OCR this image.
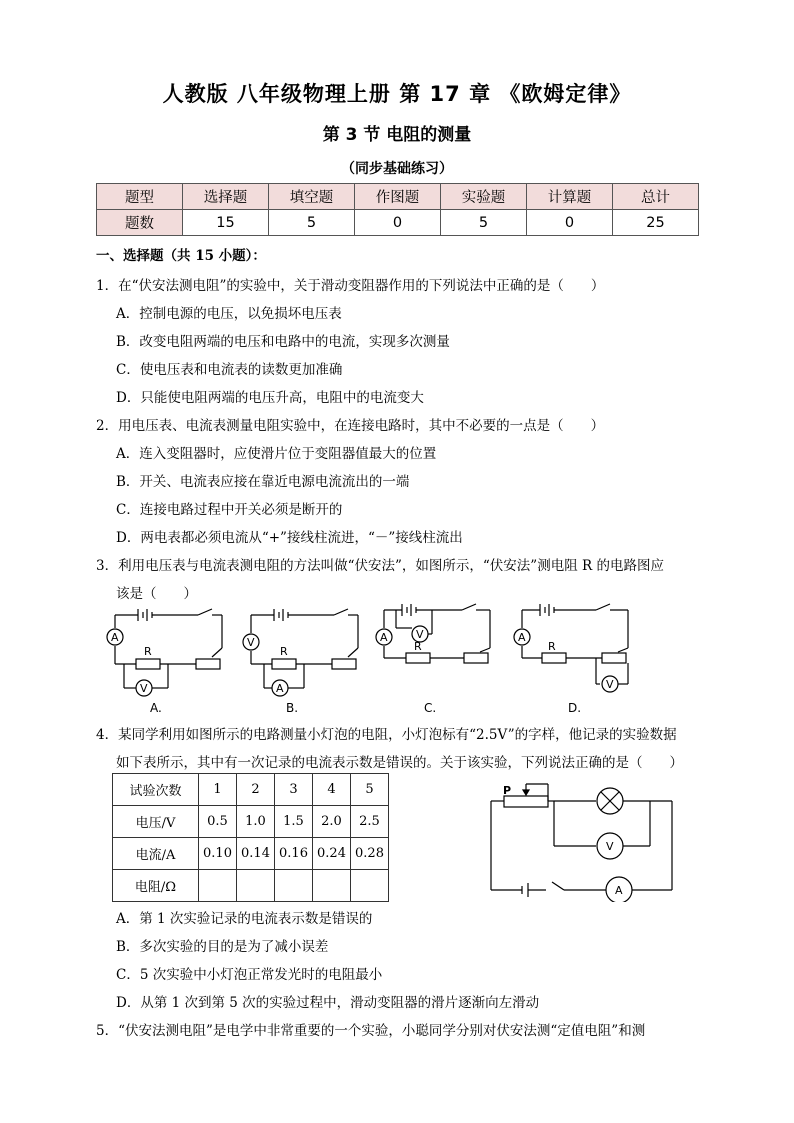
人教版 八年级物理上册 第 17 章 《欧姆定律》
第 3 节 电阻的测量
（同步基础练习）
题型	选择题	填空题	作图题	实验题	计算题	总计
题数	15	5	0	5	0	25
一、选择题（共 15 小题）：
1．在“伏安法测电阻”的实验中，关于滑动变阻器作用的下列说法中正确的是（　　）
A．控制电源的电压，以免损坏电压表
B．改变电阻两端的电压和电路中的电流，实现多次测量
C．使电压表和电流表的读数更加准确
D．只能使电阻两端的电压升高，电阻中的电流变大
2．用电压表、电流表测量电阻实验中，在连接电路时，其中不必要的一点是（　　）
A．连入变阻器时，应使滑片位于变阻器值最大的位置
B．开关、电流表应接在靠近电源电流流出的一端
C．连接电路过程中开关必须是断开的
D．两电表都必须电流从“+”接线柱流进，“－”接线柱流出
3．利用电压表与电流表测电阻的方法叫做“伏安法”，如图所示，“伏安法”测电阻 R 的电路图应
该是（　　）
A
R
V
V
R
A
A	V
R
A
R
V
A.	B.	C.	D.
4．某同学利用如图所示的电路测量小灯泡的电阻，小灯泡标有“2.5V”的字样，他记录的实验数据
如下表所示，其中有一次记录的电流表示数是错误的。关于该实验，下列说法正确的是（　　）
试验次数	1	2	3	4	5
电压/V	0.5	1.0	1.5	2.0	2.5
电流/A	0.10	0.14	0.16	0.24	0.28
电阻/Ω					
P
V
A
A．第 1 次实验记录的电流表示数是错误的
B．多次实验的目的是为了减小误差
C．5 次实验中小灯泡正常发光时的电阻最小
D．从第 1 次到第 5 次的实验过程中，滑动变阻器的滑片逐渐向左滑动
5．“伏安法测电阻”是电学中非常重要的一个实验，小聪同学分别对伏安法测“定值电阻”和测
